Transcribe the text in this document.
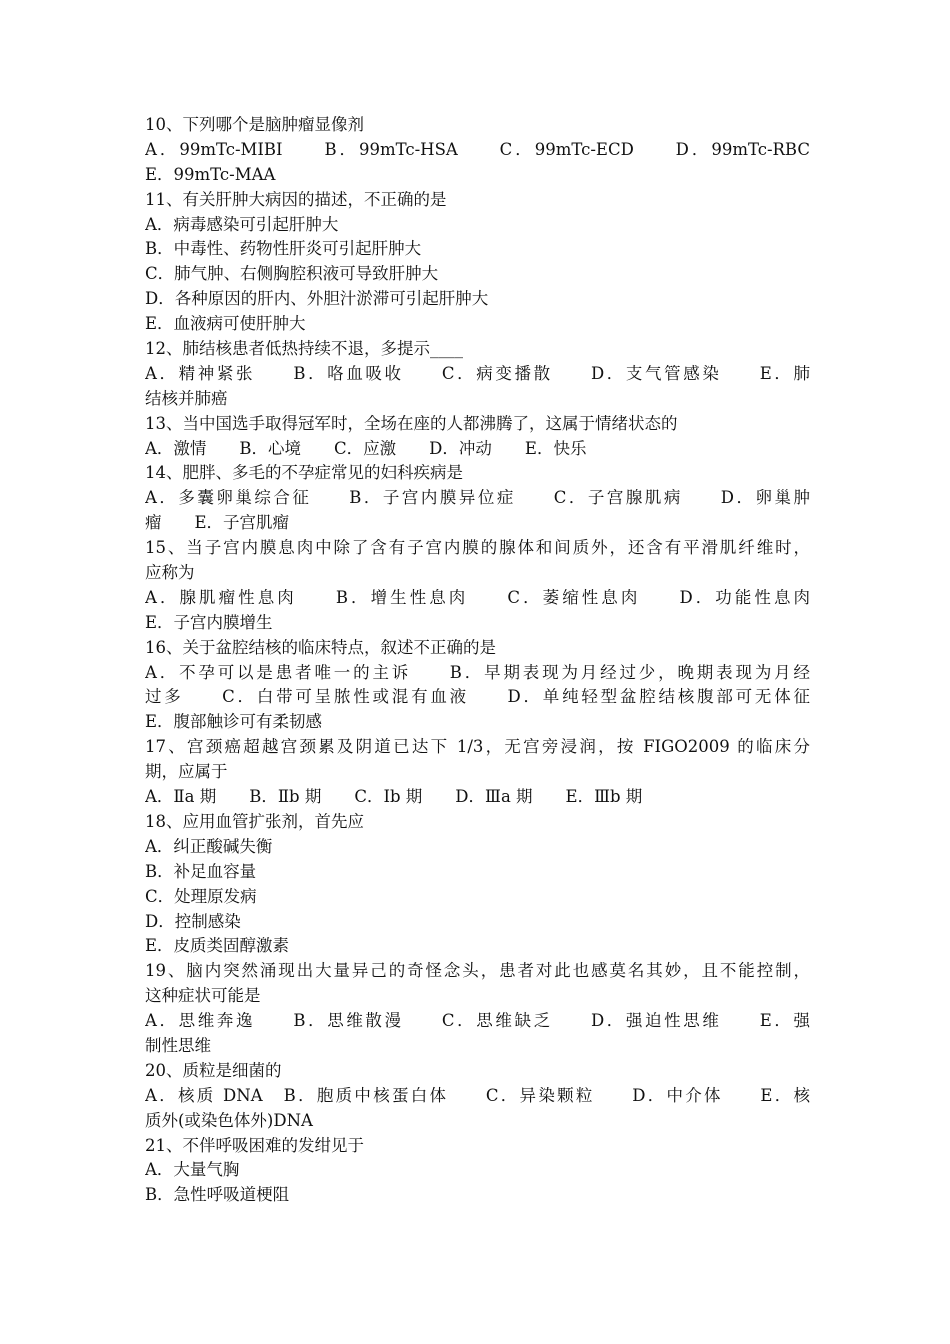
10、下列哪个是脑肿瘤显像剂
A．99mTc-MIBI　　B．99mTc-HSA　　C．99mTc-ECD　　D．99mTc-RBC
E．99mTc-MAA
11、有关肝肿大病因的描述，不正确的是
A．病毒感染可引起肝肿大
B．中毒性、药物性肝炎可引起肝肿大
C．肺气肿、右侧胸腔积液可导致肝肿大
D．各种原因的肝内、外胆汁淤滞可引起肝肿大
E．血液病可使肝肿大
12、肺结核患者低热持续不退，多提示____
A．精神紧张　　B．咯血吸收　　C．病变播散　　D．支气管感染　　E．肺
结核并肺癌
13、当中国选手取得冠军时，全场在座的人都沸腾了，这属于情绪状态的
A．激情　　B．心境　　C．应激　　D．冲动　　E．快乐
14、肥胖、多毛的不孕症常见的妇科疾病是
A．多囊卵巢综合征　　B．子宫内膜异位症　　C．子宫腺肌病　　D．卵巢肿
瘤　　E．子宫肌瘤
15、当子宫内膜息肉中除了含有子宫内膜的腺体和间质外，还含有平滑肌纤维时，
应称为
A．腺肌瘤性息肉　　B．增生性息肉　　C．萎缩性息肉　　D．功能性息肉
E．子宫内膜增生
16、关于盆腔结核的临床特点，叙述不正确的是
A．不孕可以是患者唯一的主诉　　B．早期表现为月经过少，晚期表现为月经
过多　　C．白带可呈脓性或混有血液　　D．单纯轻型盆腔结核腹部可无体征
E．腹部触诊可有柔韧感
17、宫颈癌超越宫颈累及阴道已达下 1/3，无宫旁浸润，按 FIGO2009 的临床分
期，应属于
A．Ⅱa 期　　B．Ⅱb 期　　C．Ⅰb 期　　D．Ⅲa 期　　E．Ⅲb 期
18、应用血管扩张剂，首先应
A．纠正酸碱失衡
B．补足血容量
C．处理原发病
D．控制感染
E．皮质类固醇激素
19、脑内突然涌现出大量异己的奇怪念头，患者对此也感莫名其妙，且不能控制，
这种症状可能是
A．思维奔逸　　B．思维散漫　　C．思维缺乏　　D．强迫性思维　　E．强
制性思维
20、质粒是细菌的
A．核质 DNA　B．胞质中核蛋白体　　C．异染颗粒　　D．中介体　　E．核
质外(或染色体外)DNA
21、不伴呼吸困难的发绀见于
A．大量气胸
B．急性呼吸道梗阻
